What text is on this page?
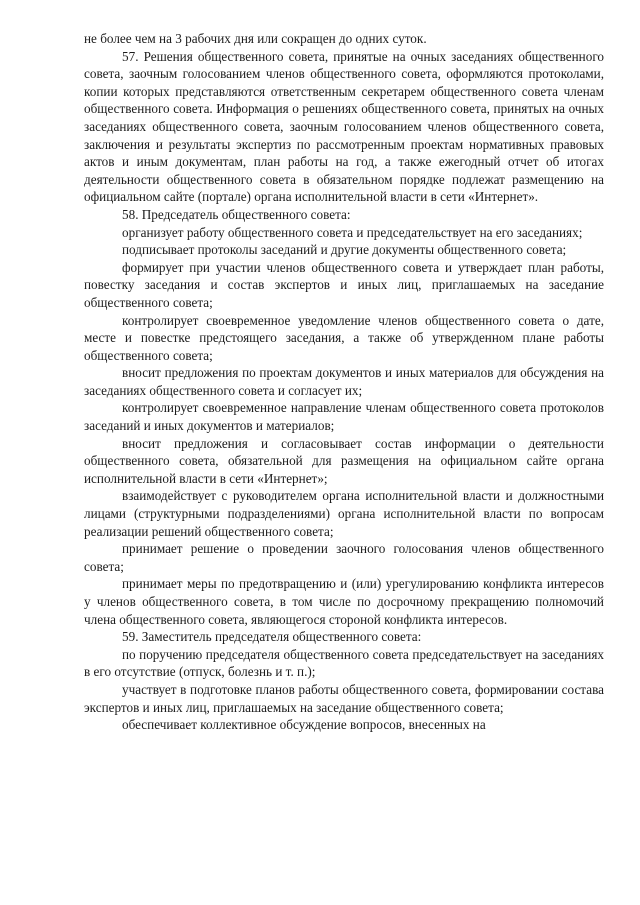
не более чем на 3 рабочих дня или сокращен до одних суток.

57. Решения общественного совета, принятые на очных заседаниях общественного совета, заочным голосованием членов общественного совета, оформляются протоколами, копии которых представляются ответственным секретарем общественного совета членам общественного совета. Информация о решениях общественного совета, принятых на очных заседаниях общественного совета, заочным голосованием членов общественного совета, заключения и результаты экспертиз по рассмотренным проектам нормативных правовых актов и иным документам, план работы на год, а также ежегодный отчет об итогах деятельности общественного совета в обязательном порядке подлежат размещению на официальном сайте (портале) органа исполнительной власти в сети «Интернет».

58. Председатель общественного совета:

организует работу общественного совета и председательствует на его заседаниях;

подписывает протоколы заседаний и другие документы общественного совета;

формирует при участии членов общественного совета и утверждает план работы, повестку заседания и состав экспертов и иных лиц, приглашаемых на заседание общественного совета;

контролирует своевременное уведомление членов общественного совета о дате, месте и повестке предстоящего заседания, а также об утвержденном плане работы общественного совета;

вносит предложения по проектам документов и иных материалов для обсуждения на заседаниях общественного совета и согласует их;

контролирует своевременное направление членам общественного совета протоколов заседаний и иных документов и материалов;

вносит предложения и согласовывает состав информации о деятельности общественного совета, обязательной для размещения на официальном сайте органа исполнительной власти в сети «Интернет»;

взаимодействует с руководителем органа исполнительной власти и должностными лицами (структурными подразделениями) органа исполнительной власти по вопросам реализации решений общественного совета;

принимает решение о проведении заочного голосования членов общественного совета;

принимает меры по предотвращению и (или) урегулированию конфликта интересов у членов общественного совета, в том числе по досрочному прекращению полномочий члена общественного совета, являющегося стороной конфликта интересов.

59. Заместитель председателя общественного совета:

по поручению председателя общественного совета председательствует на заседаниях в его отсутствие (отпуск, болезнь и т. п.);

участвует в подготовке планов работы общественного совета, формировании состава экспертов и иных лиц, приглашаемых на заседание общественного совета;

обеспечивает коллективное обсуждение вопросов, внесенных на
